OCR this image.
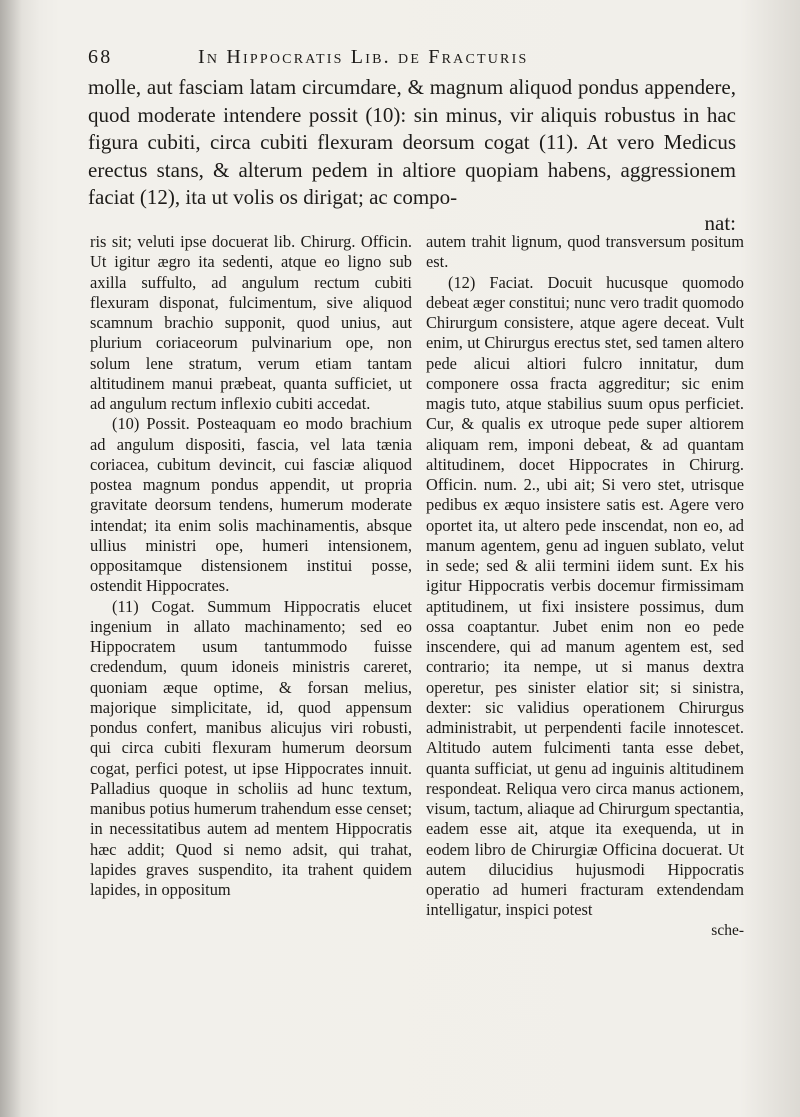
68	In Hippocratis Lib. de Fracturis

molle, aut fasciam latam circumdare, & magnum aliquod pondus appendere, quod moderate intendere possit (10): sin minus, vir aliquis robustus in hac figura cubiti, circa cubiti flexuram deorsum cogat (11). At vero Medicus erectus stans, & alterum pedem in altiore quopiam habens, aggressionem faciat (12), ita ut volis os dirigat; ac compo-

nat:

ris sit; veluti ipse docuerat lib. Chirurg. Officin. Ut igitur ægro ita sedenti, atque eo ligno sub axilla suffulto, ad angulum rectum cubiti flexuram disponat, fulcimentum, sive aliquod scamnum brachio supponit, quod unius, aut plurium coriaceorum pulvinarium ope, non solum lene stratum, verum etiam tantam altitudinem manui præbeat, quanta sufficiet, ut ad angulum rectum inflexio cubiti accedat.

(10) Possit. Posteaquam eo modo brachium ad angulum dispositi, fascia, vel lata tænia coriacea, cubitum devincit, cui fasciæ aliquod postea magnum pondus appendit, ut propria gravitate deorsum tendens, humerum moderate intendat; ita enim solis machinamentis, absque ullius ministri ope, humeri intensionem, oppositamque distensionem institui posse, ostendit Hippocrates.

(11) Cogat. Summum Hippocratis elucet ingenium in allato machinamento; sed eo Hippocratem usum tantummodo fuisse credendum, quum idoneis ministris careret, quoniam æque optime, & forsan melius, majorique simplicitate, id, quod appensum pondus confert, manibus alicujus viri robusti, qui circa cubiti flexuram humerum deorsum cogat, perfici potest, ut ipse Hippocrates innuit. Palladius quoque in scholiis ad hunc textum, manibus potius humerum trahendum esse censet; in necessitatibus autem ad mentem Hippocratis hæc addit; Quod si nemo adsit, qui trahat, lapides graves suspendito, ita trahent quidem lapides, in oppositum

autem trahit lignum, quod transversum positum est.

(12) Faciat. Docuit hucusque quomodo debeat æger constitui; nunc vero tradit quomodo Chirurgum consistere, atque agere deceat. Vult enim, ut Chirurgus erectus stet, sed tamen altero pede alicui altiori fulcro innitatur, dum componere ossa fracta aggreditur; sic enim magis tuto, atque stabilius suum opus perficiet. Cur, & qualis ex utroque pede super altiorem aliquam rem, imponi debeat, & ad quantam altitudinem, docet Hippocrates in Chirurg. Officin. num. 2., ubi ait; Si vero stet, utrisque pedibus ex æquo insistere satis est. Agere vero oportet ita, ut altero pede inscendat, non eo, ad manum agentem, genu ad inguen sublato, velut in sede; sed & alii termini iidem sunt. Ex his igitur Hippocratis verbis docemur firmissimam aptitudinem, ut fixi insistere possimus, dum ossa coaptantur. Jubet enim non eo pede inscendere, qui ad manum agentem est, sed contrario; ita nempe, ut si manus dextra operetur, pes sinister elatior sit; si sinistra, dexter: sic validius operationem Chirurgus administrabit, ut perpendenti facile innotescet. Altitudo autem fulcimenti tanta esse debet, quanta sufficiat, ut genu ad inguinis altitudinem respondeat. Reliqua vero circa manus actionem, visum, tactum, aliaque ad Chirurgum spectantia, eadem esse ait, atque ita exequenda, ut in eodem libro de Chirurgiæ Officina docuerat. Ut autem dilucidius hujusmodi Hippocratis operatio ad humeri fracturam extendendam intelligatur, inspici potest

sche-
